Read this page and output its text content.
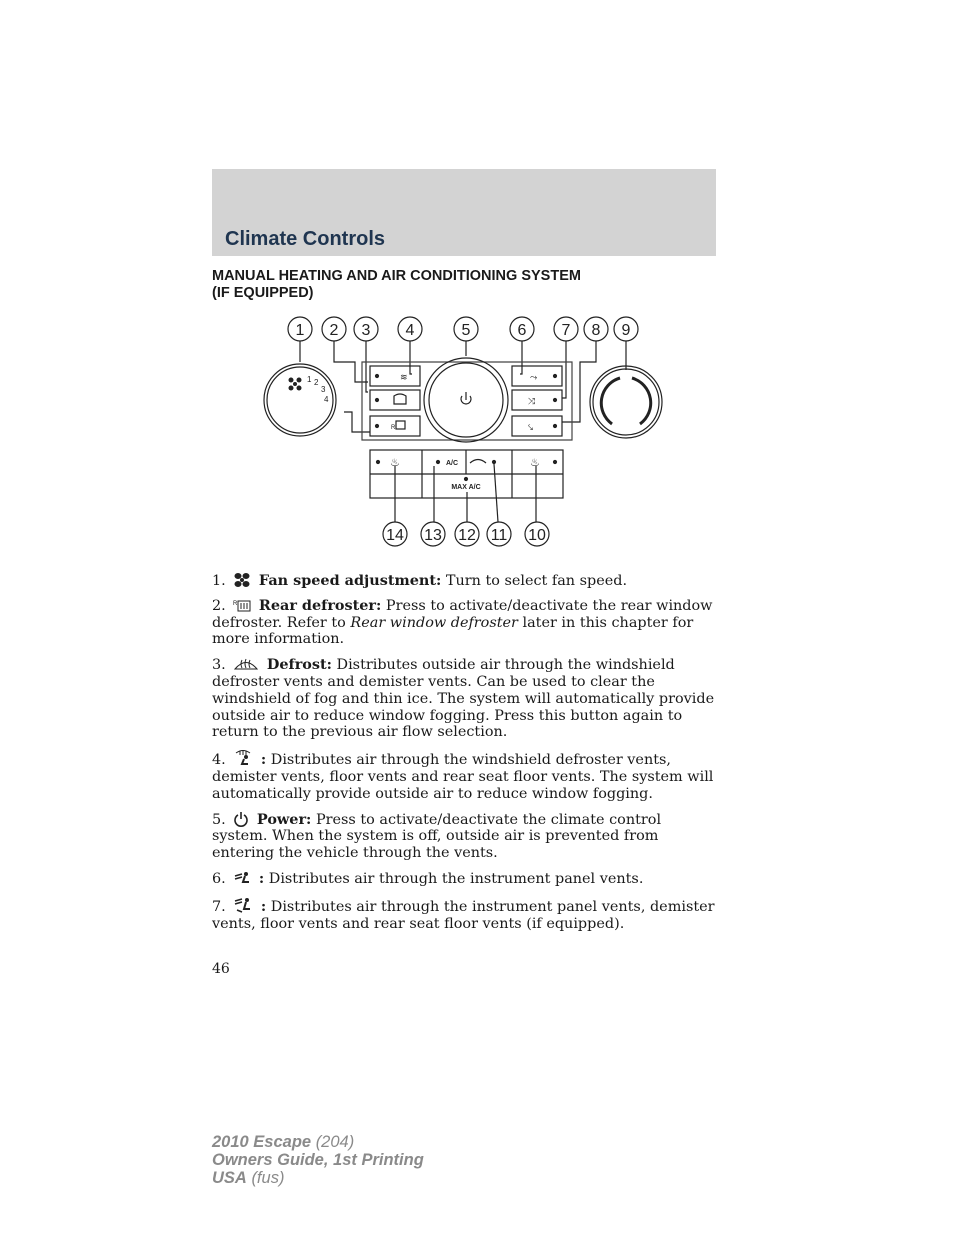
Climate Controls
MANUAL HEATING AND AIR CONDITIONING SYSTEM
(IF EQUIPPED)
1 2 3 4	5	6 7 8 9
1 2
3
4
≋
R
⤳
⤨
⤥
♨	A/C	♨
MAX A/C
14 13 12 11 10
1. Fan speed adjustment: Turn to select fan speed.
2. R Rear defroster: Press to activate/deactivate the rear window defroster. Refer to Rear window defroster later in this chapter for more information.
3.	Defrost: Distributes outside air through the windshield defroster vents and demister vents. Can be used to clear the windshield of fog and thin ice. The system will automatically provide outside air to reduce window fogging. Press this button again to return to the previous air flow selection.
4. : Distributes air through the windshield defroster vents, demister vents, floor vents and rear seat floor vents. The system will automatically provide outside air to reduce window fogging.
5. Power: Press to activate/deactivate the climate control system. When the system is off, outside air is prevented from entering the vehicle through the vents.
6. : Distributes air through the instrument panel vents.
7. : Distributes air through the instrument panel vents, demister vents, floor vents and rear seat floor vents (if equipped).
46
2010 Escape (204)
Owners Guide, 1st Printing
USA (fus)
